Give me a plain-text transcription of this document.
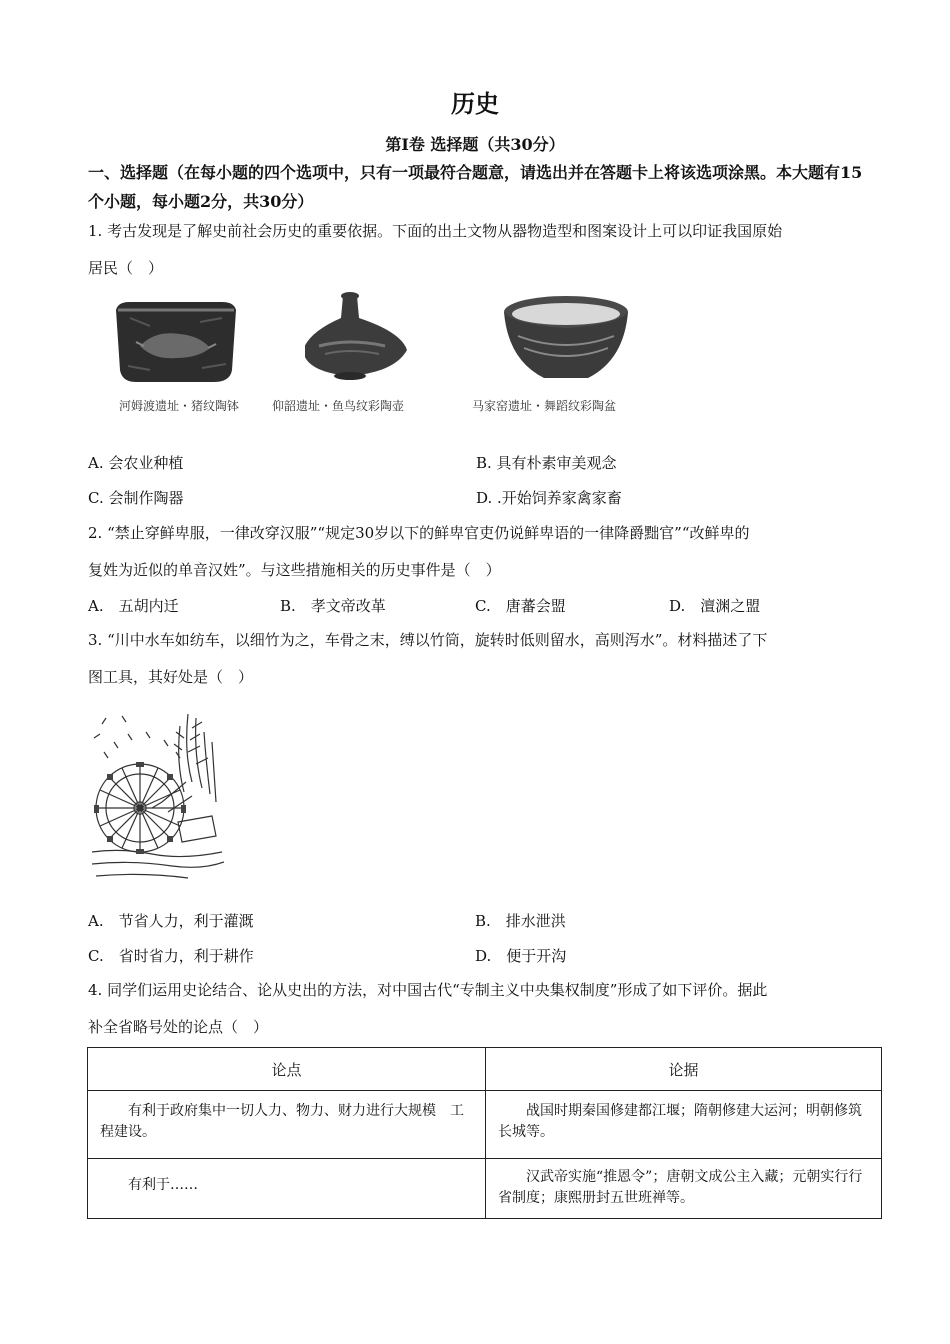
历史
第Ⅰ卷 选择题（共30分）
一、选择题（在每小题的四个选项中，只有一项最符合题意，请选出并在答题卡上将该选项涂黑。本大题有15个小题，每小题2分，共30分）
1. 考古发现是了解史前社会历史的重要依据。下面的出土文物从器物造型和图案设计上可以印证我国原始
居民（　）
河姆渡遗址・猪纹陶钵	仰韶遗址・鱼鸟纹彩陶壶	马家窑遗址・舞蹈纹彩陶盆
A. 会农业种植	B. 具有朴素审美观念
C. 会制作陶器	D. .开始饲养家禽家畜
2. “禁止穿鲜卑服，一律改穿汉服”“规定30岁以下的鲜卑官吏仍说鲜卑语的一律降爵黜官”“改鲜卑的
复姓为近似的单音汉姓”。与这些措施相关的历史事件是（　）
A.　五胡内迁	B.　孝文帝改革	C.　唐蕃会盟	D.　澶渊之盟
3. “川中水车如纺车，以细竹为之，车骨之末，缚以竹筒，旋转时低则留水，高则泻水”。材料描述了下
图工具，其好处是（　）
A.　节省人力，利于灌溉	B.　排水泄洪
C.　省时省力，利于耕作	D.　便于开沟
4. 同学们运用史论结合、论从史出的方法，对中国古代“专制主义中央集权制度”形成了如下评价。据此
补全省略号处的论点（　）
论点	论据

有利于政府集中一切人力、物力、财力进行大规模　工程建设。	战国时期秦国修建都江堰；隋朝修建大运河；明朝修筑长城等。

有利于……	汉武帝实施“推恩令”；唐朝文成公主入藏；元朝实行行省制度；康熙册封五世班禅等。
